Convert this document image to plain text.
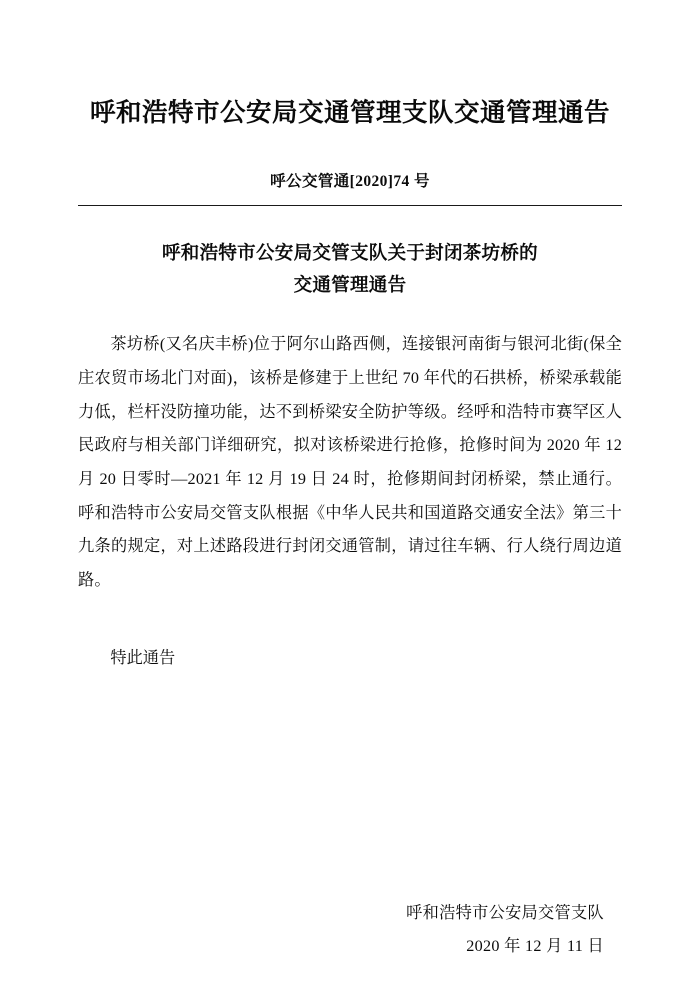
呼和浩特市公安局交通管理支队交通管理通告
呼公交管通[2020]74 号
呼和浩特市公安局交管支队关于封闭茶坊桥的
交通管理通告
茶坊桥(又名庆丰桥)位于阿尔山路西侧，连接银河南街与银河北街(保全庄农贸市场北门对面)，该桥是修建于上世纪 70 年代的石拱桥，桥梁承载能力低，栏杆没防撞功能，达不到桥梁安全防护等级。经呼和浩特市赛罕区人民政府与相关部门详细研究，拟对该桥梁进行抢修，抢修时间为 2020 年 12 月 20 日零时—2021 年 12 月 19 日 24 时，抢修期间封闭桥梁，禁止通行。呼和浩特市公安局交管支队根据《中华人民共和国道路交通安全法》第三十九条的规定，对上述路段进行封闭交通管制，请过往车辆、行人绕行周边道路。
特此通告
呼和浩特市公安局交管支队
2020 年 12 月 11 日
